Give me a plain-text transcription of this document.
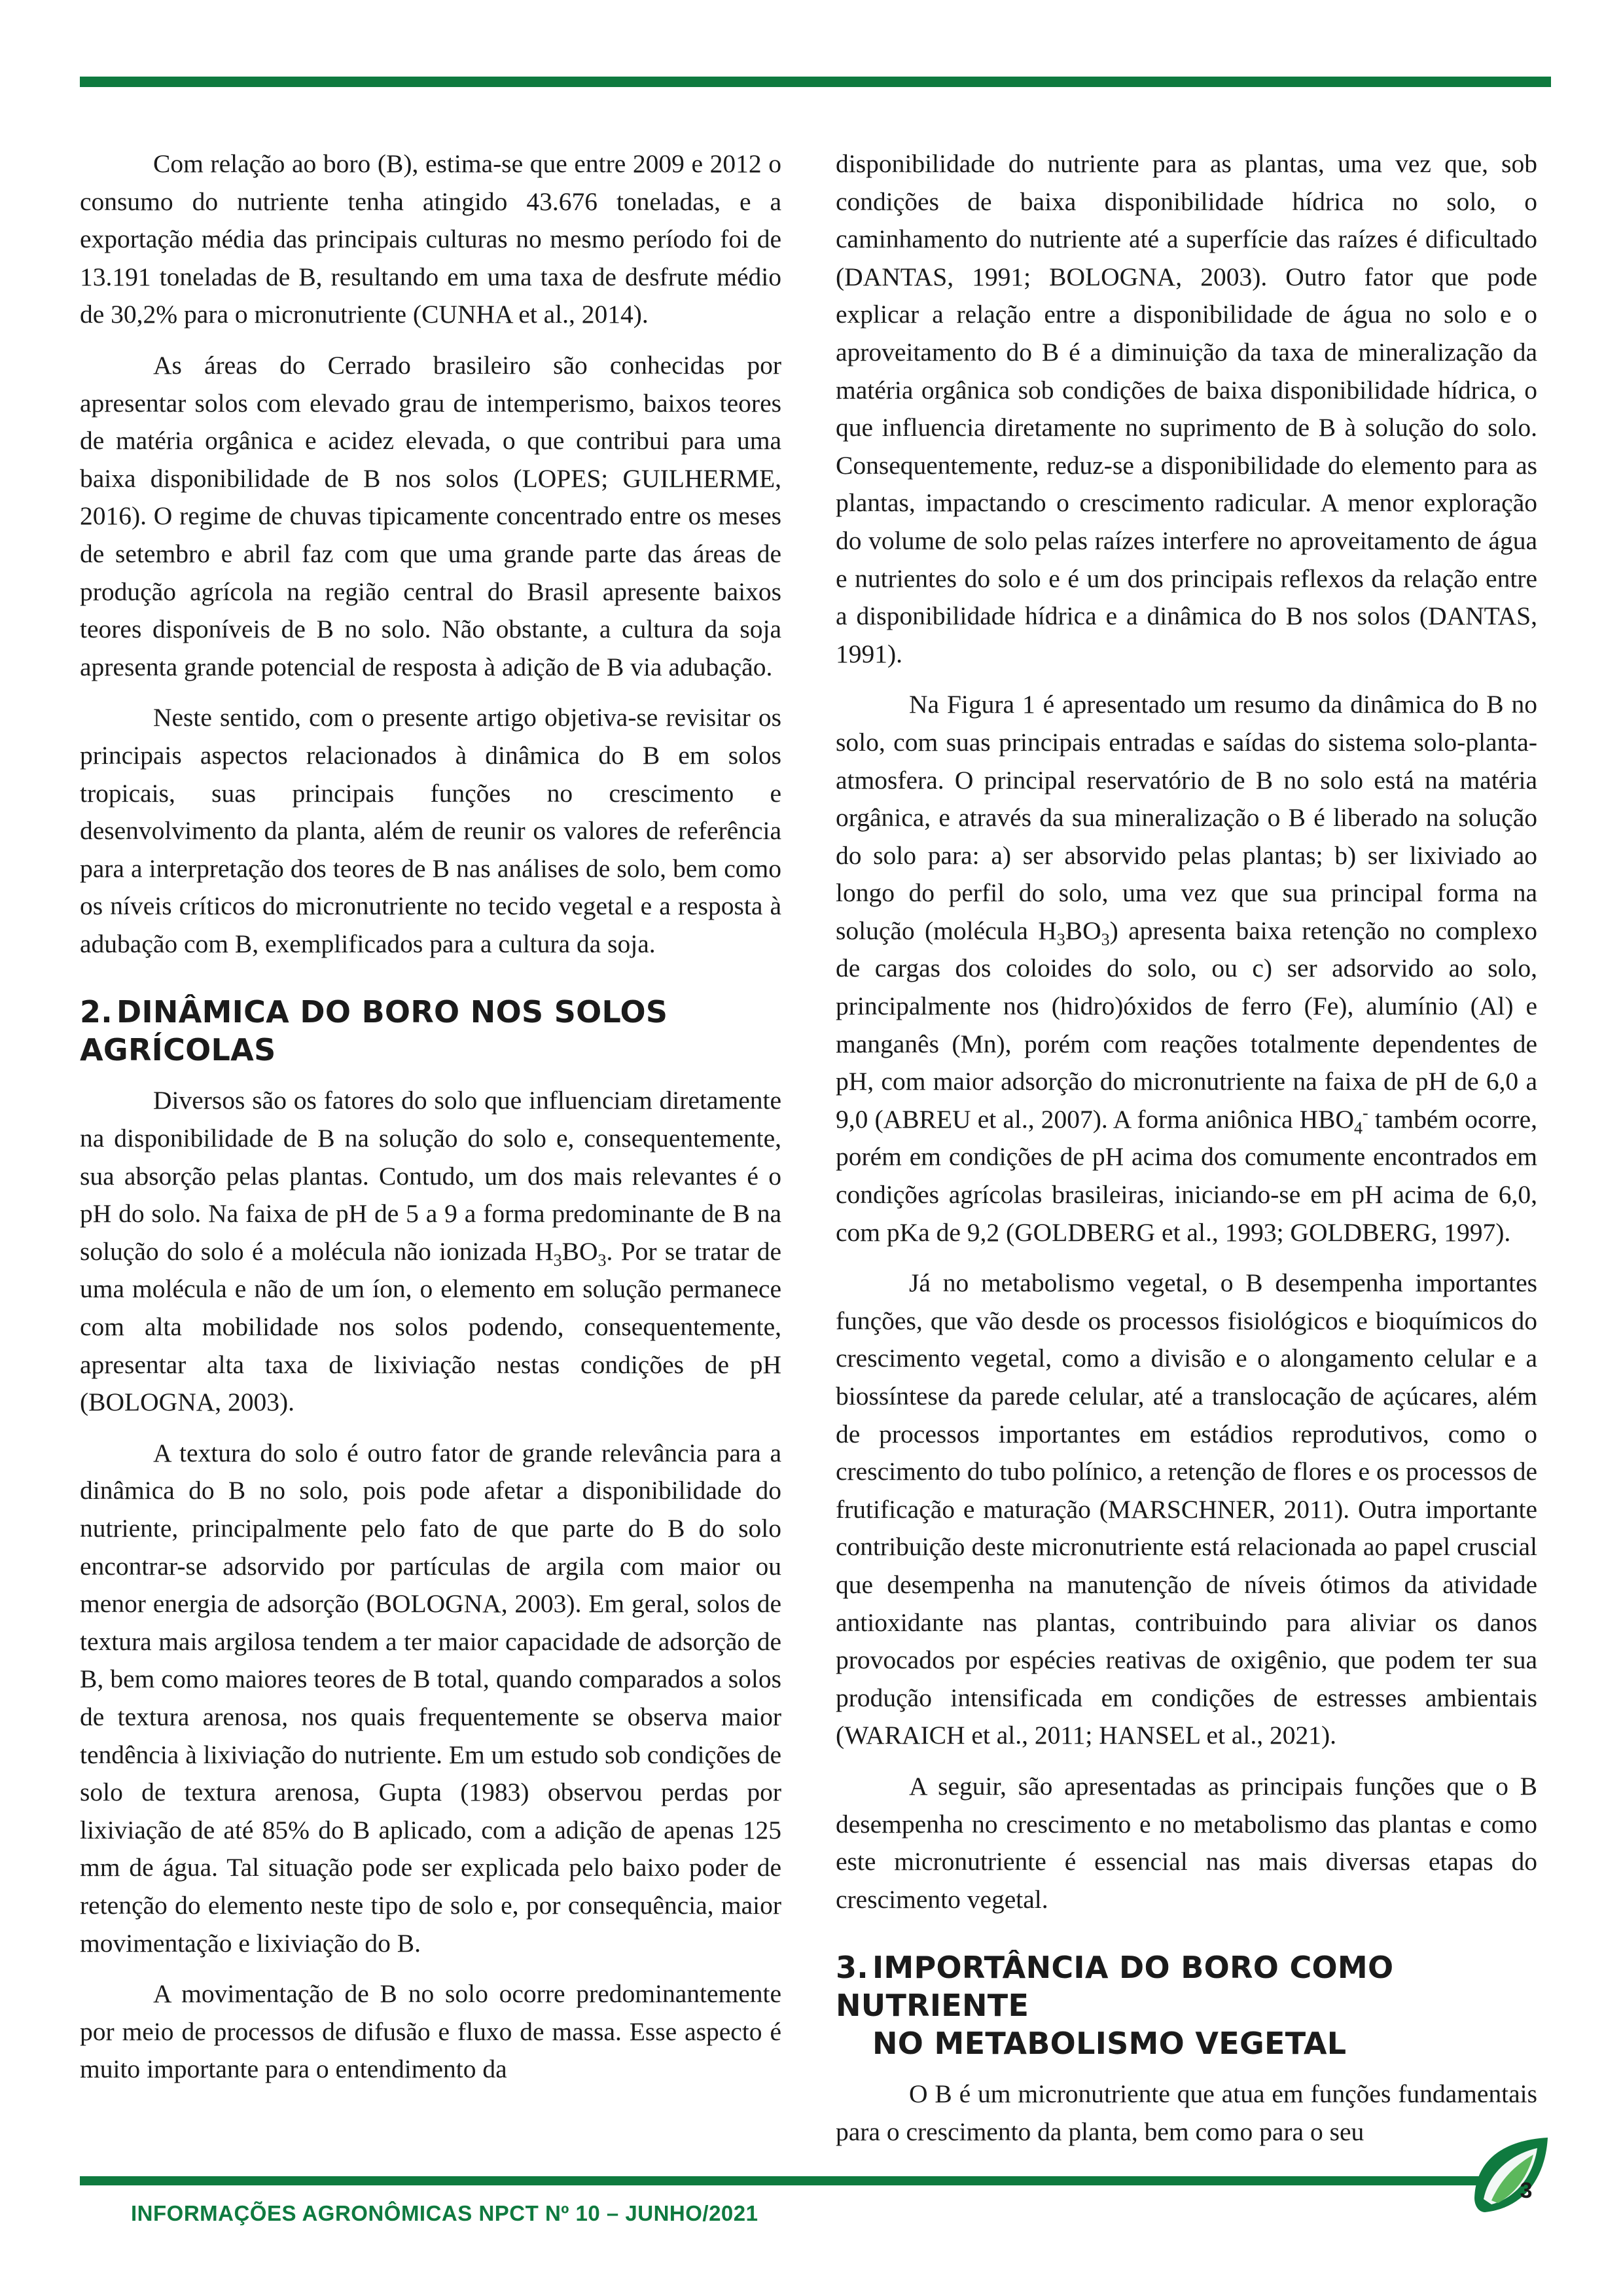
Com relação ao boro (B), estima-se que entre 2009 e 2012 o consumo do nutriente tenha atingido 43.676 toneladas, e a exportação média das principais culturas no mesmo período foi de 13.191 toneladas de B, resultando em uma taxa de desfrute médio de 30,2% para o micronutriente (CUNHA et al., 2014).

As áreas do Cerrado brasileiro são conhecidas por apresentar solos com elevado grau de intemperismo, baixos teores de matéria orgânica e acidez elevada, o que contribui para uma baixa disponibilidade de B nos solos (LOPES; GUILHERME, 2016). O regime de chuvas tipicamente concentrado entre os meses de setembro e abril faz com que uma grande parte das áreas de produção agrícola na região central do Brasil apresente baixos teores disponíveis de B no solo. Não obstante, a cultura da soja apresenta grande potencial de resposta à adição de B via adubação.

Neste sentido, com o presente artigo objetiva-se revisitar os principais aspectos relacionados à dinâmica do B em solos tropicais, suas principais funções no crescimento e desenvolvimento da planta, além de reunir os valores de referência para a interpretação dos teores de B nas análises de solo, bem como os níveis críticos do micronutriente no tecido vegetal e a resposta à adubação com B, exemplificados para a cultura da soja.

2. DINÂMICA DO BORO NOS SOLOS AGRÍCOLAS

Diversos são os fatores do solo que influenciam diretamente na disponibilidade de B na solução do solo e, consequentemente, sua absorção pelas plantas. Contudo, um dos mais relevantes é o pH do solo. Na faixa de pH de 5 a 9 a forma predominante de B na solução do solo é a molécula não ionizada $H_3BO_3$. Por se tratar de uma molécula e não de um íon, o elemento em solução permanece com alta mobilidade nos solos podendo, consequentemente, apresentar alta taxa de lixiviação nestas condições de pH (BOLOGNA, 2003).

A textura do solo é outro fator de grande relevância para a dinâmica do B no solo, pois pode afetar a disponibilidade do nutriente, principalmente pelo fato de que parte do B do solo encontrar-se adsorvido por partículas de argila com maior ou menor energia de adsorção (BOLOGNA, 2003). Em geral, solos de textura mais argilosa tendem a ter maior capacidade de adsorção de B, bem como maiores teores de B total, quando comparados a solos de textura arenosa, nos quais frequentemente se observa maior tendência à lixiviação do nutriente. Em um estudo sob condições de solo de textura arenosa, Gupta (1983) observou perdas por lixiviação de até 85% do B aplicado, com a adição de apenas 125 mm de água. Tal situação pode ser explicada pelo baixo poder de retenção do elemento neste tipo de solo e, por consequência, maior movimentação e lixiviação do B.

A movimentação de B no solo ocorre predominantemente por meio de processos de difusão e fluxo de massa. Esse aspecto é muito importante para o entendimento da

disponibilidade do nutriente para as plantas, uma vez que, sob condições de baixa disponibilidade hídrica no solo, o caminhamento do nutriente até a superfície das raízes é dificultado (DANTAS, 1991; BOLOGNA, 2003). Outro fator que pode explicar a relação entre a disponibilidade de água no solo e o aproveitamento do B é a diminuição da taxa de mineralização da matéria orgânica sob condições de baixa disponibilidade hídrica, o que influencia diretamente no suprimento de B à solução do solo. Consequentemente, reduz-se a disponibilidade do elemento para as plantas, impactando o crescimento radicular. A menor exploração do volume de solo pelas raízes interfere no aproveitamento de água e nutrientes do solo e é um dos principais reflexos da relação entre a disponibilidade hídrica e a dinâmica do B nos solos (DANTAS, 1991).

Na Figura 1 é apresentado um resumo da dinâmica do B no solo, com suas principais entradas e saídas do sistema solo-planta-atmosfera. O principal reservatório de B no solo está na matéria orgânica, e através da sua mineralização o B é liberado na solução do solo para: a) ser absorvido pelas plantas; b) ser lixiviado ao longo do perfil do solo, uma vez que sua principal forma na solução (molécula $H_3BO_3$) apresenta baixa retenção no complexo de cargas dos coloides do solo, ou c) ser adsorvido ao solo, principalmente nos (hidro)óxidos de ferro (Fe), alumínio (Al) e manganês (Mn), porém com reações totalmente dependentes de pH, com maior adsorção do micronutriente na faixa de pH de 6,0 a 9,0 (ABREU et al., 2007). A forma aniônica $HBO_4^-$ também ocorre, porém em condições de pH acima dos comumente encontrados em condições agrícolas brasileiras, iniciando-se em pH acima de 6,0, com pKa de 9,2 (GOLDBERG et al., 1993; GOLDBERG, 1997).

Já no metabolismo vegetal, o B desempenha importantes funções, que vão desde os processos fisiológicos e bioquímicos do crescimento vegetal, como a divisão e o alongamento celular e a biossíntese da parede celular, até a translocação de açúcares, além de processos importantes em estádios reprodutivos, como o crescimento do tubo polínico, a retenção de flores e os processos de frutificação e maturação (MARSCHNER, 2011). Outra importante contribuição deste micronutriente está relacionada ao papel cruscial que desempenha na manutenção de níveis ótimos da atividade antioxidante nas plantas, contribuindo para aliviar os danos provocados por espécies reativas de oxigênio, que podem ter sua produção intensificada em condições de estresses ambientais (WARAICH et al., 2011; HANSEL et al., 2021).

A seguir, são apresentadas as principais funções que o B desempenha no crescimento e no metabolismo das plantas e como este micronutriente é essencial nas mais diversas etapas do crescimento vegetal.

3. IMPORTÂNCIA DO BORO COMO NUTRIENTE
NO METABOLISMO VEGETAL

O B é um micronutriente que atua em funções fundamentais para o crescimento da planta, bem como para o seu

INFORMAÇÕES AGRONÔMICAS NPCT Nº 10 – JUNHO/2021
3
